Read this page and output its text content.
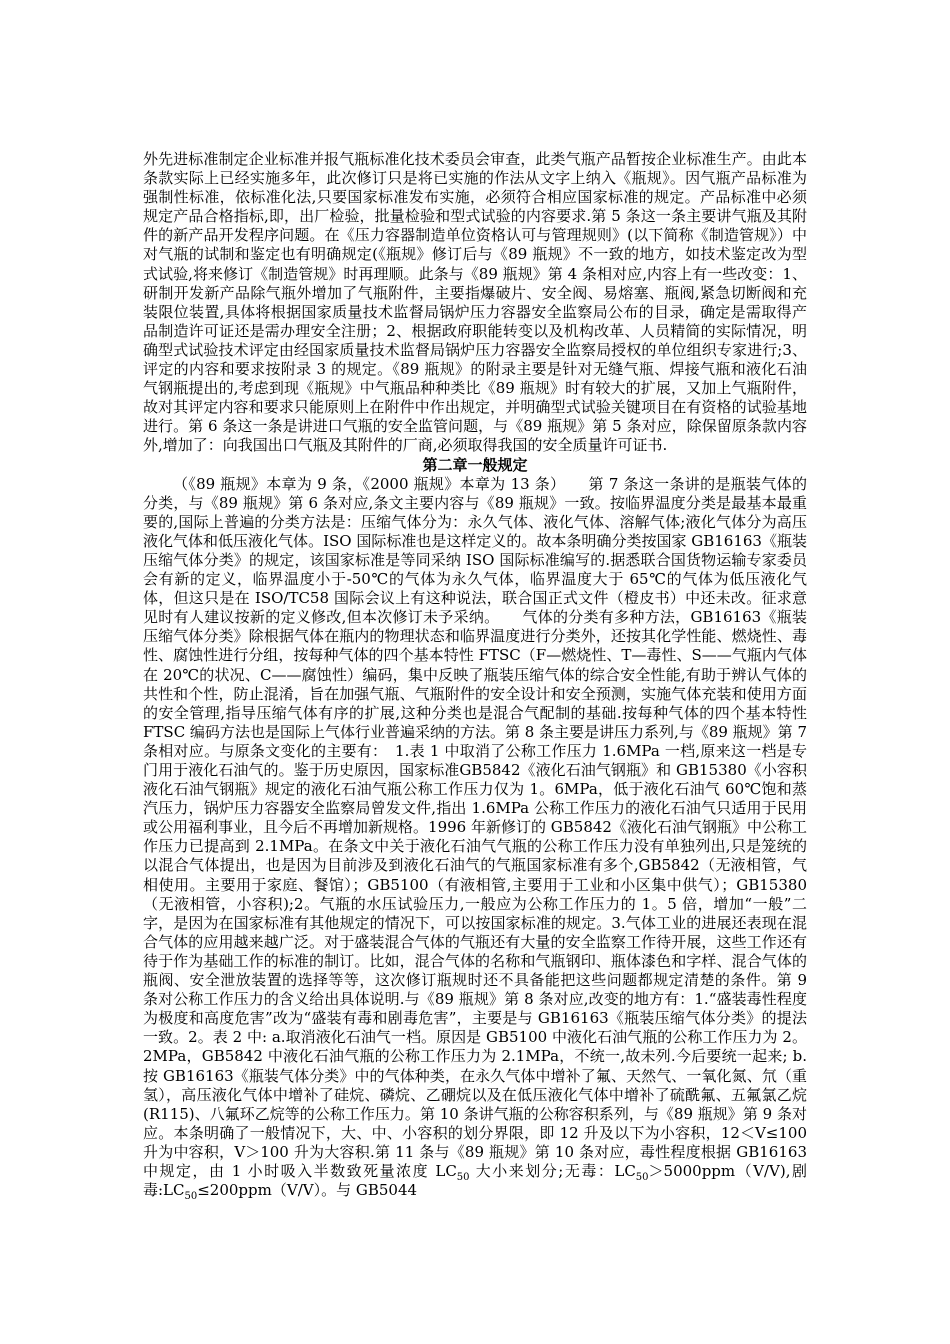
外先进标准制定企业标准并报气瓶标准化技术委员会审查，此类气瓶产品暂按企业标准生产。由此本条款实际上已经实施多年，此次修订只是将已实施的作法从文字上纳入《瓶规》。因气瓶产品标准为强制性标准，依标准化法,只要国家标准发布实施，必须符合相应国家标准的规定。产品标准中必须规定产品合格指标,即，出厂检验，批量检验和型式试验的内容要求.第 5 条这一条主要讲气瓶及其附件的新产品开发程序问题。在《压力容器制造单位资格认可与管理规则》(以下简称《制造管规》）中对气瓶的试制和鉴定也有明确规定(《瓶规》修订后与《89 瓶规》不一致的地方，如技术鉴定改为型式试验,将来修订《制造管规》时再理顺。此条与《89 瓶规》第 4 条相对应,内容上有一些改变：1、研制开发新产品除气瓶外增加了气瓶附件，主要指爆破片、安全阀、易熔塞、瓶阀,紧急切断阀和充装限位装置,具体将根据国家质量技术监督局锅炉压力容器安全监察局公布的目录，确定是需取得产品制造许可证还是需办理安全注册；2、根据政府职能转变以及机构改革、人员精简的实际情况，明确型式试验技术评定由经国家质量技术监督局锅炉压力容器安全监察局授权的单位组织专家进行;3、评定的内容和要求按附录 3 的规定。《89 瓶规》的附录主要是针对无缝气瓶、焊接气瓶和液化石油气钢瓶提出的,考虑到现《瓶规》中气瓶品种种类比《89 瓶规》时有较大的扩展，又加上气瓶附件，故对其评定内容和要求只能原则上在附件中作出规定，并明确型式试验关键项目在有资格的试验基地进行。第 6 条这一条是讲进口气瓶的安全监管问题，与《89 瓶规》第 5 条对应，除保留原条款内容外,增加了：向我国出口气瓶及其附件的厂商,必须取得我国的安全质量许可证书.

第二章一般规定

（《89 瓶规》本章为 9 条，《2000 瓶规》本章为 13 条）　　第 7 条这一条讲的是瓶装气体的分类，与《89 瓶规》第 6 条对应,条文主要内容与《89 瓶规》一致。按临界温度分类是最基本最重要的,国际上普遍的分类方法是：压缩气体分为：永久气体、液化气体、溶解气体;液化气体分为高压液化气体和低压液化气体。ISO 国际标准也是这样定义的。故本条明确分类按国家 GB16163《瓶装压缩气体分类》的规定，该国家标准是等同采纳 ISO 国际标准编写的.据悉联合国货物运输专家委员会有新的定义，临界温度小于-50℃的气体为永久气体，临界温度大于 65℃的气体为低压液化气体，但这只是在 ISO/TC58 国际会议上有这种说法，联合国正式文件（橙皮书）中还未改。征求意见时有人建议按新的定义修改,但本次修订未予采纳。　　气体的分类有多种方法，GB16163《瓶装压缩气体分类》除根据气体在瓶内的物理状态和临界温度进行分类外，还按其化学性能、燃烧性、毒性、腐蚀性进行分组，按每种气体的四个基本特性 FTSC（F—燃烧性、T—毒性、S——气瓶内气体在 20℃的状况、C——腐蚀性）编码，集中反映了瓶装压缩气体的综合安全性能,有助于辨认气体的共性和个性，防止混淆，旨在加强气瓶、气瓶附件的安全设计和安全预测，实施气体充装和使用方面的安全管理,指导压缩气体有序的扩展,这种分类也是混合气配制的基础.按每种气体的四个基本特性 FTSC 编码方法也是国际上气体行业普遍采纳的方法。第 8 条主要是讲压力系列,与《89 瓶规》第 7 条相对应。与原条文变化的主要有：　1.表 1 中取消了公称工作压力 1.6MPa 一档,原来这一档是专门用于液化石油气的。鉴于历史原因，国家标准GB5842《液化石油气钢瓶》和 GB15380《小容积液化石油气钢瓶》规定的液化石油气瓶公称工作压力仅为 1。6MPa，低于液化石油气 60℃饱和蒸汽压力，锅炉压力容器安全监察局曾发文件,指出 1.6MPa 公称工作压力的液化石油气只适用于民用或公用福利事业，且今后不再增加新规格。1996 年新修订的 GB5842《液化石油气钢瓶》中公称工作压力已提高到 2.1MPa。在条文中关于液化石油气气瓶的公称工作压力没有单独列出,只是笼统的以混合气体提出，也是因为目前涉及到液化石油气的气瓶国家标准有多个,GB5842（无液相管，气相使用。主要用于家庭、餐馆）；GB5100（有液相管,主要用于工业和小区集中供气）；GB15380（无液相管，小容积);2。气瓶的水压试验压力,一般应为公称工作压力的 1。5 倍，增加“一般”二字，是因为在国家标准有其他规定的情况下，可以按国家标准的规定。3.气体工业的进展还表现在混合气体的应用越来越广泛。对于盛装混合气体的气瓶还有大量的安全监察工作待开展，这些工作还有待于作为基础工作的标准的制订。比如，混合气体的名称和气瓶钢印、瓶体漆色和字样、混合气体的瓶阀、安全泄放装置的选择等等，这次修订瓶规时还不具备能把这些问题都规定清楚的条件。第 9 条对公称工作压力的含义给出具体说明.与《89 瓶规》第 8 条对应,改变的地方有：1.“盛装毒性程度为极度和高度危害”改为“盛装有毒和剧毒危害”，主要是与 GB16163《瓶装压缩气体分类》的提法一致。2。表 2 中: a.取消液化石油气一档。原因是 GB5100 中液化石油气瓶的公称工作压力为 2。2MPa，GB5842 中液化石油气瓶的公称工作压力为 2.1MPa，不统一,故未列.今后要统一起来; b.按 GB16163《瓶装气体分类》中的气体种类，在永久气体中增补了氟、天然气、一氧化氮、氘（重氢），高压液化气体中增补了硅烷、磷烷、乙硼烷以及在低压液化气体中增补了硫酰氟、五氟氯乙烷(R115)、八氟环乙烷等的公称工作压力。第 10 条讲气瓶的公称容积系列，与《89 瓶规》第 9 条对应。本条明确了一般情况下，大、中、小容积的划分界限，即 12 升及以下为小容积，12＜V≤100 升为中容积，V＞100 升为大容积.第 11 条与《89 瓶规》第 10 条对应，毒性程度根据 GB16163 中规定，由 1 小时吸入半数致死量浓度 $LC_{50}$ 大小来划分;无毒：$LC_{50}>5000ppm(V/V)$,剧毒$:LC_{50}\le 200ppm(V/V)$。与 GB5044
